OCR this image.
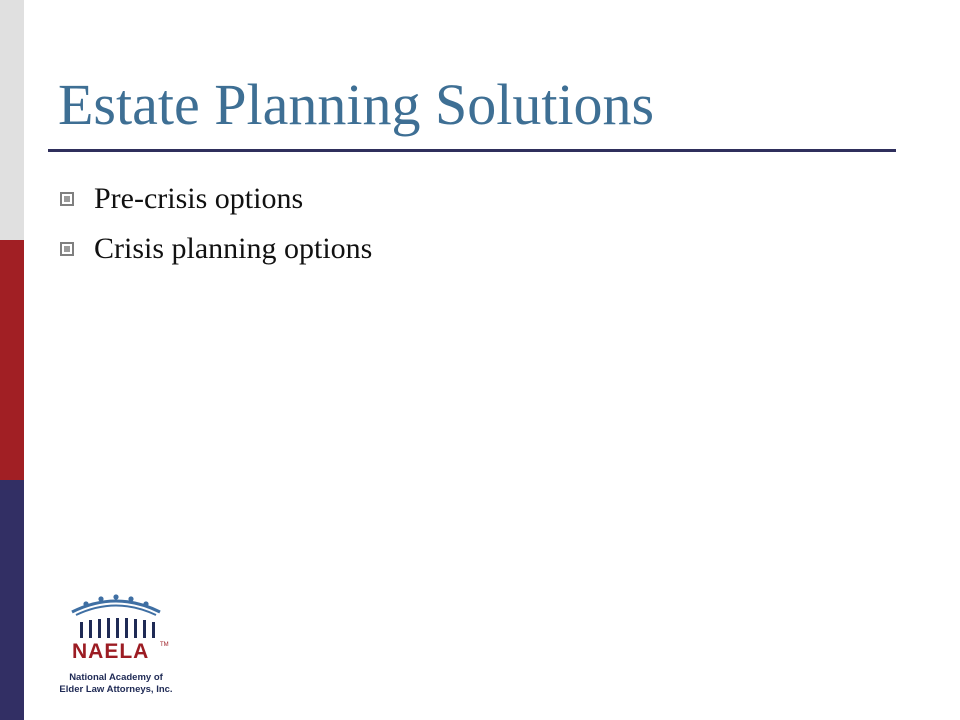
Estate Planning Solutions
Pre-crisis options
Crisis planning options
NAELA TM
National Academy of
Elder Law Attorneys, Inc.
